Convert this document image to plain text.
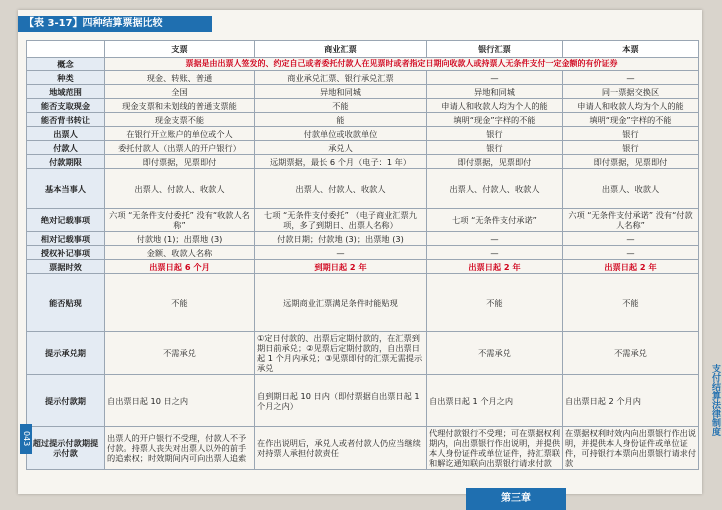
【表 3-17】四种结算票据比较
	支票	商业汇票	银行汇票	本票
概念	票据是由出票人签发的、约定自己或者委托付款人在见票时或者指定日期向收款人或持票人无条件支付一定金额的有价证券			
种类	现金、转账、普通	商业承兑汇票、银行承兑汇票	—	—
地域范围	全国	异地和同城	异地和同城	同一票据交换区
能否支取现金	现金支票和未划线的普通支票能	不能	申请人和收款人均为个人的能	申请人和收款人均为个人的能
能否背书转让	现金支票不能	能	填明“现金”字样的不能	填明“现金”字样的不能
出票人	在银行开立账户的单位或个人	付款单位或收款单位	银行	银行
付款人	委托付款人（出票人的开户银行）	承兑人	银行	银行
付款期限	即付票据，见票即付	远期票据，最长 6 个月（电子：1 年）	即付票据，见票即付	即付票据，见票即付
基本当事人	出票人、付款人、收款人	出票人、付款人、收款人	出票人、付款人、收款人	出票人、收款人
绝对记载事项	六项 “无条件支付委托” 没有“收款人名称”	七项 “无条件支付委托” （电子商业汇票九项，多了到期日、出票人名称）	七项 “无条件支付承诺”	六项 “无条件支付承诺” 没有“付款人名称”
相对记载事项	付款地 (1)；出票地 (3)	付款日期；付款地 (3)；出票地 (3)	—	—
授权补记事项	金额、收款人名称	—	—	—
票据时效	出票日起 6 个月	到期日起 2 年	出票日起 2 年	出票日起 2 年
能否贴现	不能	远期商业汇票满足条件时能贴现	不能	不能
提示承兑期	不需承兑	①定日付款的、出票后定期付款的，在汇票到期日前承兑；②见票后定期付款的，自出票日起 1 个月内承兑；③见票即付的汇票无需提示承兑	不需承兑	不需承兑
提示付款期	自出票日起 10 日之内	自到期日起 10 日内（即付票据自出票日起 1 个月之内）	自出票日起 1 个月之内	自出票日起 2 个月内
超过提示付款期提示付款	出票人的开户银行不受理，付款人不予付款。持票人丧失对出票人以外的前手的追索权；时效期间内可向出票人追索	在作出说明后，承兑人或者付款人仍应当继续对持票人承担付款责任	代理付款银行不受理；可在票据权利期内，向出票银行作出说明，并提供本人身份证件或单位证件，持汇票联和解讫通知联向出票银行请求付款	在票据权利时效内向出票银行作出说明，并提供本人身份证件或单位证件，可持银行本票向出票银行请求付款
支付结算法律制度
043
第三章
